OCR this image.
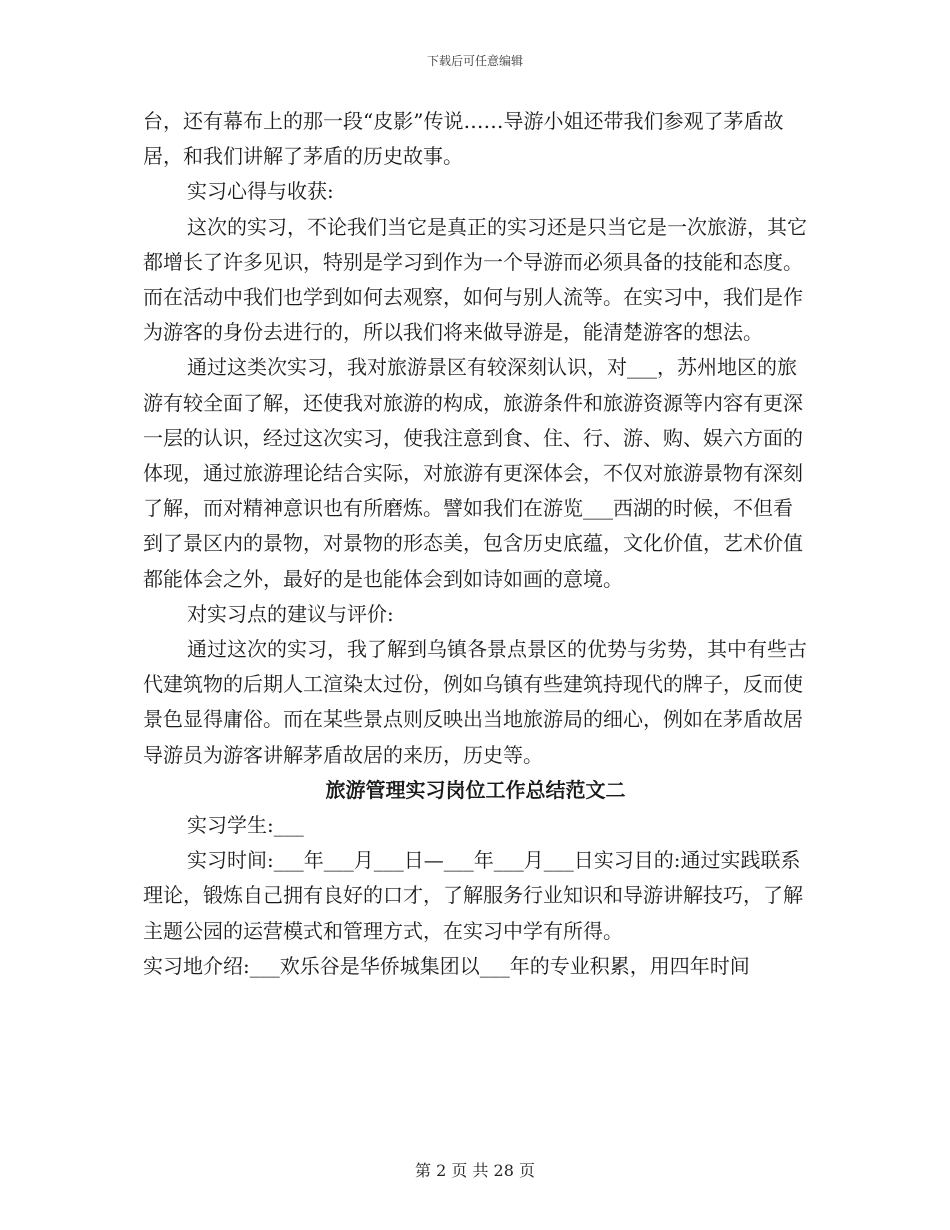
下载后可任意编辑

台，还有幕布上的那一段“皮影”传说……导游小姐还带我们参观了茅盾故居，和我们讲解了茅盾的历史故事。

实习心得与收获:

这次的实习，不论我们当它是真正的实习还是只当它是一次旅游，其它都增长了许多见识，特别是学习到作为一个导游而必须具备的技能和态度。而在活动中我们也学到如何去观察，如何与别人流等。在实习中，我们是作为游客的身份去进行的，所以我们将来做导游是，能清楚游客的想法。

通过这类次实习，我对旅游景区有较深刻认识，对___，苏州地区的旅游有较全面了解，还使我对旅游的构成，旅游条件和旅游资源等内容有更深一层的认识，经过这次实习，使我注意到食、住、行、游、购、娱六方面的体现，通过旅游理论结合实际，对旅游有更深体会，不仅对旅游景物有深刻了解，而对精神意识也有所磨炼。譬如我们在游览___西湖的时候，不但看到了景区内的景物，对景物的形态美，包含历史底蕴，文化价值，艺术价值都能体会之外，最好的是也能体会到如诗如画的意境。

对实习点的建议与评价:

通过这次的实习，我了解到乌镇各景点景区的优势与劣势，其中有些古代建筑物的后期人工渲染太过份，例如乌镇有些建筑持现代的牌子，反而使景色显得庸俗。而在某些景点则反映出当地旅游局的细心，例如在茅盾故居导游员为游客讲解茅盾故居的来历，历史等。

旅游管理实习岗位工作总结范文二

实习学生:___

实习时间:___年___月___日—___年___月___日实习目的:通过实践联系理论，锻炼自己拥有良好的口才，了解服务行业知识和导游讲解技巧，了解主题公园的运营模式和管理方式，在实习中学有所得。

实习地介绍:___欢乐谷是华侨城集团以___年的专业积累，用四年时间

第 2 页 共 28 页
